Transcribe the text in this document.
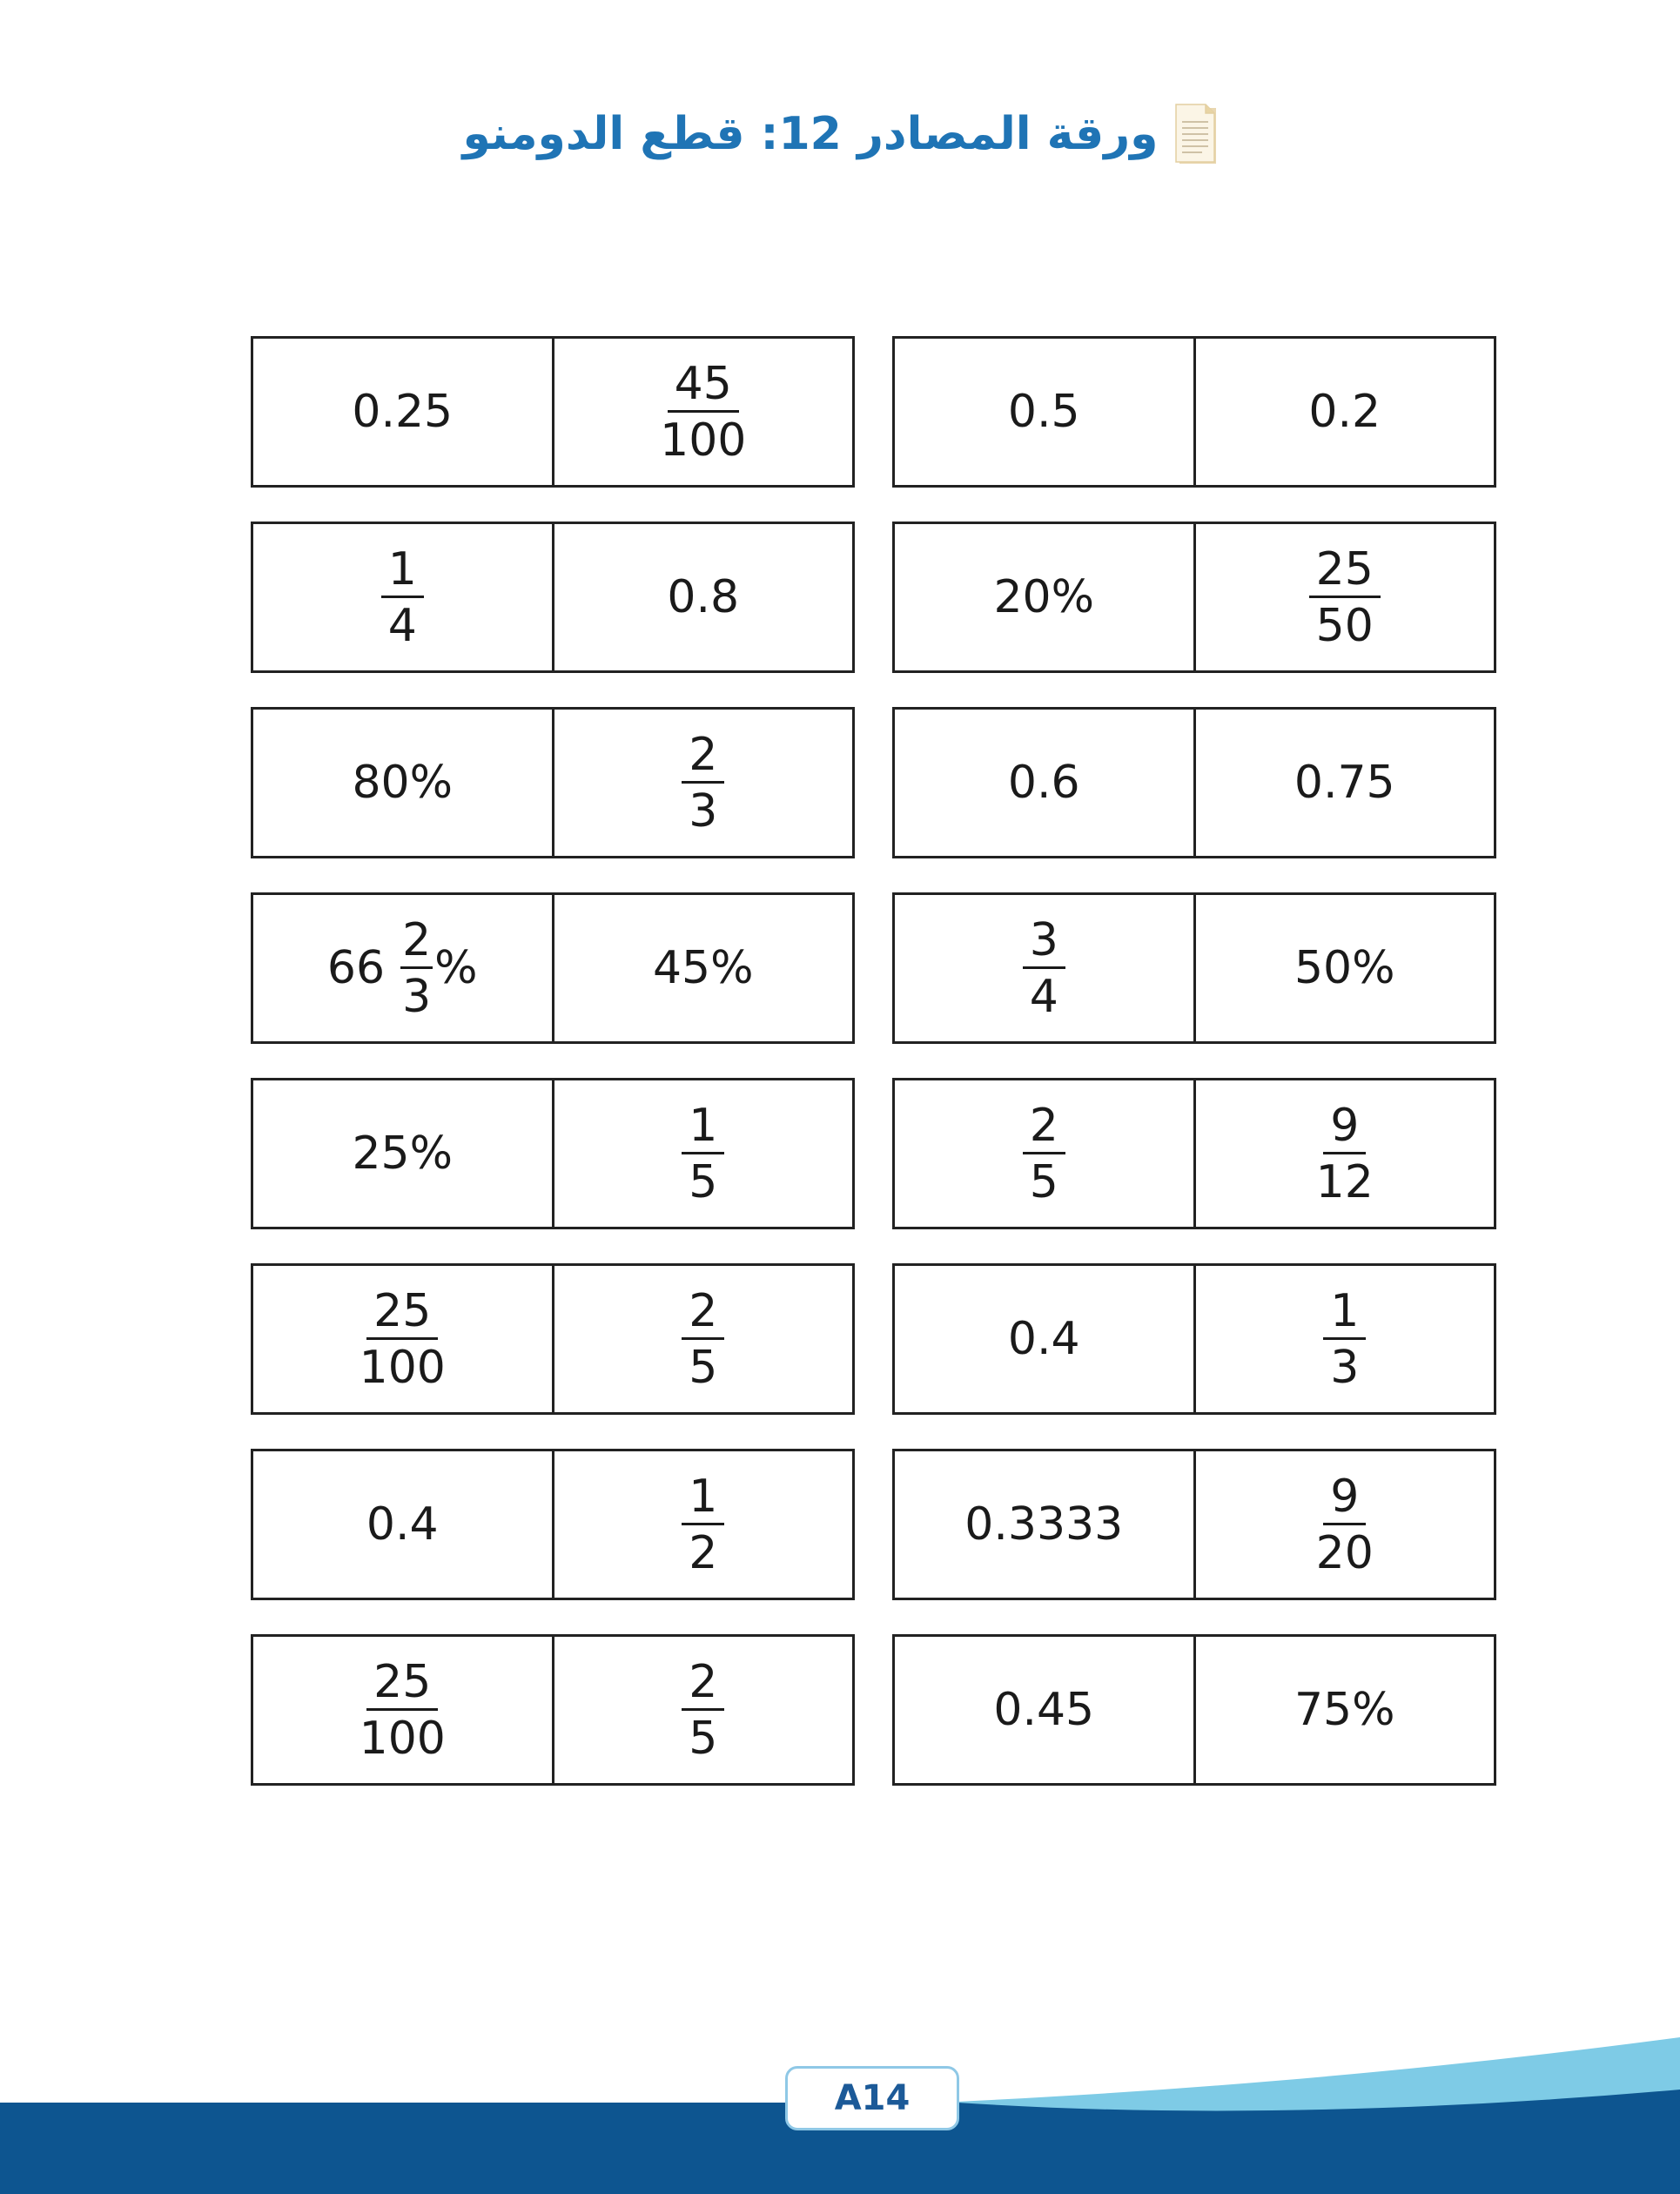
ورقة المصادر 12: قطع الدومنو
0.25	$\frac{45}{100}$	0.5	0.2
$\frac{1}{4}$	0.8	20%	$\frac{25}{50}$
80%	$\frac{2}{3}$	0.6	0.75
$66 \frac{2}{3}$ %	45%	$\frac{3}{4}$	50%
25%	$\frac{1}{5}$	$\frac{2}{5}$	$\frac{9}{12}$
$\frac{25}{100}$	$\frac{2}{5}$	0.4	$\frac{1}{3}$
0.4	$\frac{1}{2}$	0.3333	$\frac{9}{20}$
$\frac{25}{100}$	$\frac{2}{5}$	0.45	75%
A14
